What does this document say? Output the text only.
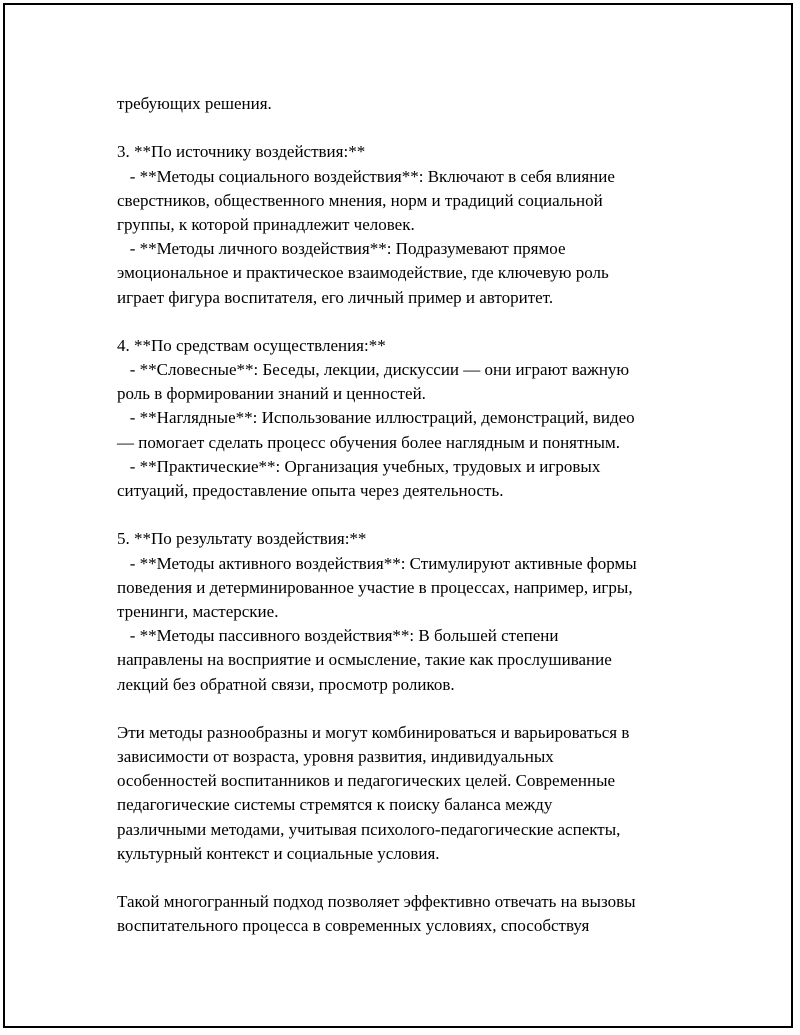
требующих решения.
3. **По источнику воздействия:**
- **Методы социального воздействия**: Включают в себя влияние
сверстников, общественного мнения, норм и традиций социальной
группы, к которой принадлежит человек.
- **Методы личного воздействия**: Подразумевают прямое
эмоциональное и практическое взаимодействие, где ключевую роль
играет фигура воспитателя, его личный пример и авторитет.
4. **По средствам осуществления:**
- **Словесные**: Беседы, лекции, дискуссии — они играют важную
роль в формировании знаний и ценностей.
- **Наглядные**: Использование иллюстраций, демонстраций, видео
— помогает сделать процесс обучения более наглядным и понятным.
- **Практические**: Организация учебных, трудовых и игровых
ситуаций, предоставление опыта через деятельность.
5. **По результату воздействия:**
- **Методы активного воздействия**: Стимулируют активные формы
поведения и детерминированное участие в процессах, например, игры,
тренинги, мастерские.
- **Методы пассивного воздействия**: В большей степени
направлены на восприятие и осмысление, такие как прослушивание
лекций без обратной связи, просмотр роликов.
Эти методы разнообразны и могут комбинироваться и варьироваться в
зависимости от возраста, уровня развития, индивидуальных
особенностей воспитанников и педагогических целей. Современные
педагогические системы стремятся к поиску баланса между
различными методами, учитывая психолого-педагогические аспекты,
культурный контекст и социальные условия.
Такой многогранный подход позволяет эффективно отвечать на вызовы
воспитательного процесса в современных условиях, способствуя
